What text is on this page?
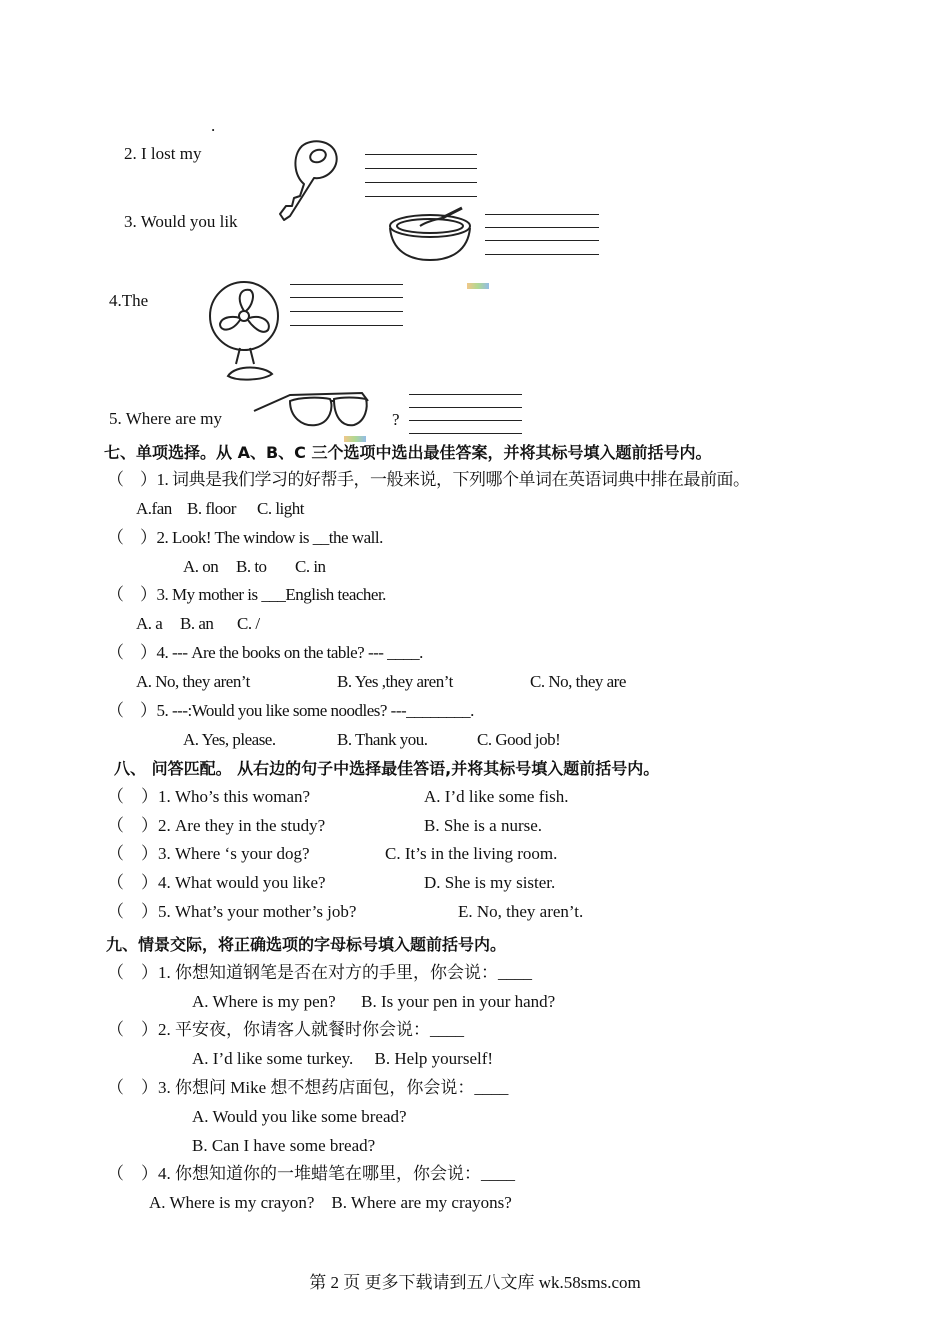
.
2. I lost my
3. Would you lik
4.The
5. Where are my	?
七、单项选择。从 A、B、C 三个选项中选出最佳答案，并将其标号填入题前括号内。
（　）1. 词典是我们学习的好帮手，一般来说，下列哪个单词在英语词典中排在最前面。
A.fan B. floor C. light
（　）2. Look! The window is __the wall.
A. on B. to C. in
（　）3. My mother is ___English teacher.
A. a B. an C. /
（　）4. --- Are the books on the table? --- ____.
A. No, they aren’t	B. Yes ,they aren’t	C. No, they are
（　）5. ---:Would you like some noodles? ---________.
A. Yes, please.	B. Thank you.	C. Good job!
八、 问答匹配。 从右边的句子中选择最佳答语,并将其标号填入题前括号内。
（　）1. Who’s this woman?	A. I’d like some fish.
（　）2. Are they in the study?	B. She is a nurse.
（　）3. Where ‘s your dog?	C. It’s in the living room.
（　）4. What would you like?	D. She is my sister.
（　）5. What’s your mother’s job?	E. No, they aren’t.
九、情景交际，将正确选项的字母标号填入题前括号内。
（　）1. 你想知道钢笔是否在对方的手里，你会说：____
A. Where is my pen?      B. Is your pen in your hand?
（　）2. 平安夜，你请客人就餐时你会说：____
A. I’d like some turkey.     B. Help yourself!
（　）3. 你想问 Mike 想不想药店面包，你会说：____
A. Would you like some bread?
B. Can I have some bread?
（　）4. 你想知道你的一堆蜡笔在哪里，你会说：____
A. Where is my crayon?    B. Where are my crayons?
第 2 页 更多下载请到五八文库 wk.58sms.com
